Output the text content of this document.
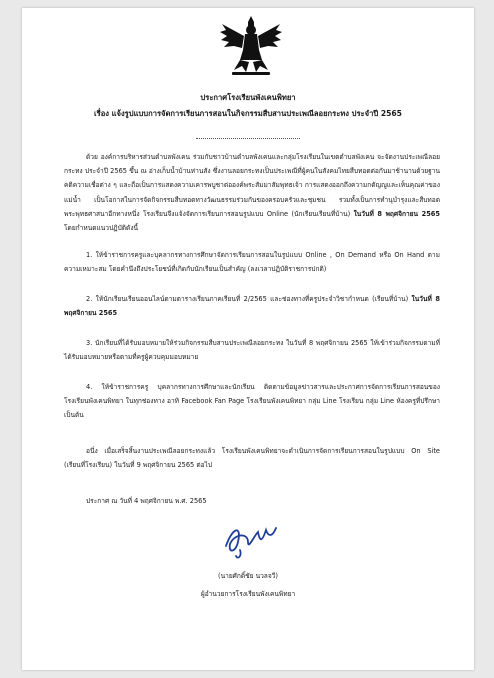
ประกาศโรงเรียนพังเคนพิทยา
เรื่อง แจ้งรูปแบบการจัดการเรียนการสอนในกิจกรรมสืบสานประเพณีลอยกระทง ประจำปี 2565
ด้วย องค์การบริหารส่วนตำบลพังเคน ร่วมกับชาวบ้านตำบลพังเคนและกลุ่มโรงเรียนในเขตตำบลพังเคน จะจัดงานประเพณีลอยกระทง ประจำปี 2565 ขึ้น ณ อ่างเก็บน้ำบ้านห่านสัง ซึ่งงานลอยกระทงเป็นประเพณีที่ผู้คนในสังคมไทยสืบทอดต่อกันมาช้านานด้วยฐานคติความเชื่อต่าง ๆ และถือเป็นการแสดงความเคารพบูชาต่อองค์พระสัมมาสัมพุทธเจ้า การแสดงออกถึงความกตัญญูและเห็นคุณค่าของแม่น้ำ เป็นโอกาสในการจัดกิจกรรมสืบทอดทางวัฒนธรรมร่วมกันของครอบครัวและชุมชน รวมทั้งเป็นการทำนุบำรุงและสืบทอดพระพุทธศาสนาอีกทางหนึ่ง โรงเรียนจึงแจ้งจัดการเรียนการสอนรูปแบบ Online (นักเรียนเรียนที่บ้าน) ในวันที่ 8 พฤศจิกายน 2565 โดยกำหนดแนวปฏิบัติดังนี้
1. ให้ข้าราชการครูและบุคลากรทางการศึกษาจัดการเรียนการสอนในรูปแบบ Online , On Demand หรือ On Hand ตามความเหมาะสม โดยคำนึงถึงประโยชน์ที่เกิดกับนักเรียนเป็นสำคัญ (ลงเวลาปฏิบัติราชการปกติ)
2. ให้นักเรียนเรียนออนไลน์ตามตารางเรียนภาคเรียนที่ 2/2565 และช่องทางที่ครูประจำวิชากำหนด (เรียนที่บ้าน) ในวันที่ 8 พฤศจิกายน 2565
3. นักเรียนที่ได้รับมอบหมายให้ร่วมกิจกรรมสืบสานประเพณีลอยกระทง ในวันที่ 8 พฤศจิกายน 2565 ให้เข้าร่วมกิจกรรมตามที่ได้รับมอบหมายหรือตามที่ครูผู้ควบคุมมอบหมาย
4. ให้ข้าราชการครู บุคลากรทางการศึกษาและนักเรียน ติดตามข้อมูลข่าวสารและประกาศการจัดการเรียนการสอนของโรงเรียนพังเคนพิทยา ในทุกช่องทาง อาทิ Facebook Fan Page โรงเรียนพังเคนพิทยา กลุ่ม Line โรงเรียน กลุ่ม Line ห้องครูที่ปรึกษา เป็นต้น
อนึ่ง เมื่อเสร็จสิ้นงานประเพณีลอยกระทงแล้ว โรงเรียนพังเคนพิทยาจะดำเนินการจัดการเรียนการสอนในรูปแบบ On Site (เรียนที่โรงเรียน) ในวันที่ 9 พฤศจิกายน 2565 ต่อไป
ประกาศ ณ วันที่ 4 พฤศจิกายน พ.ศ. 2565
(นายศักดิ์ชัย นวลจวี)
ผู้อำนวยการโรงเรียนพังเคนพิทยา
